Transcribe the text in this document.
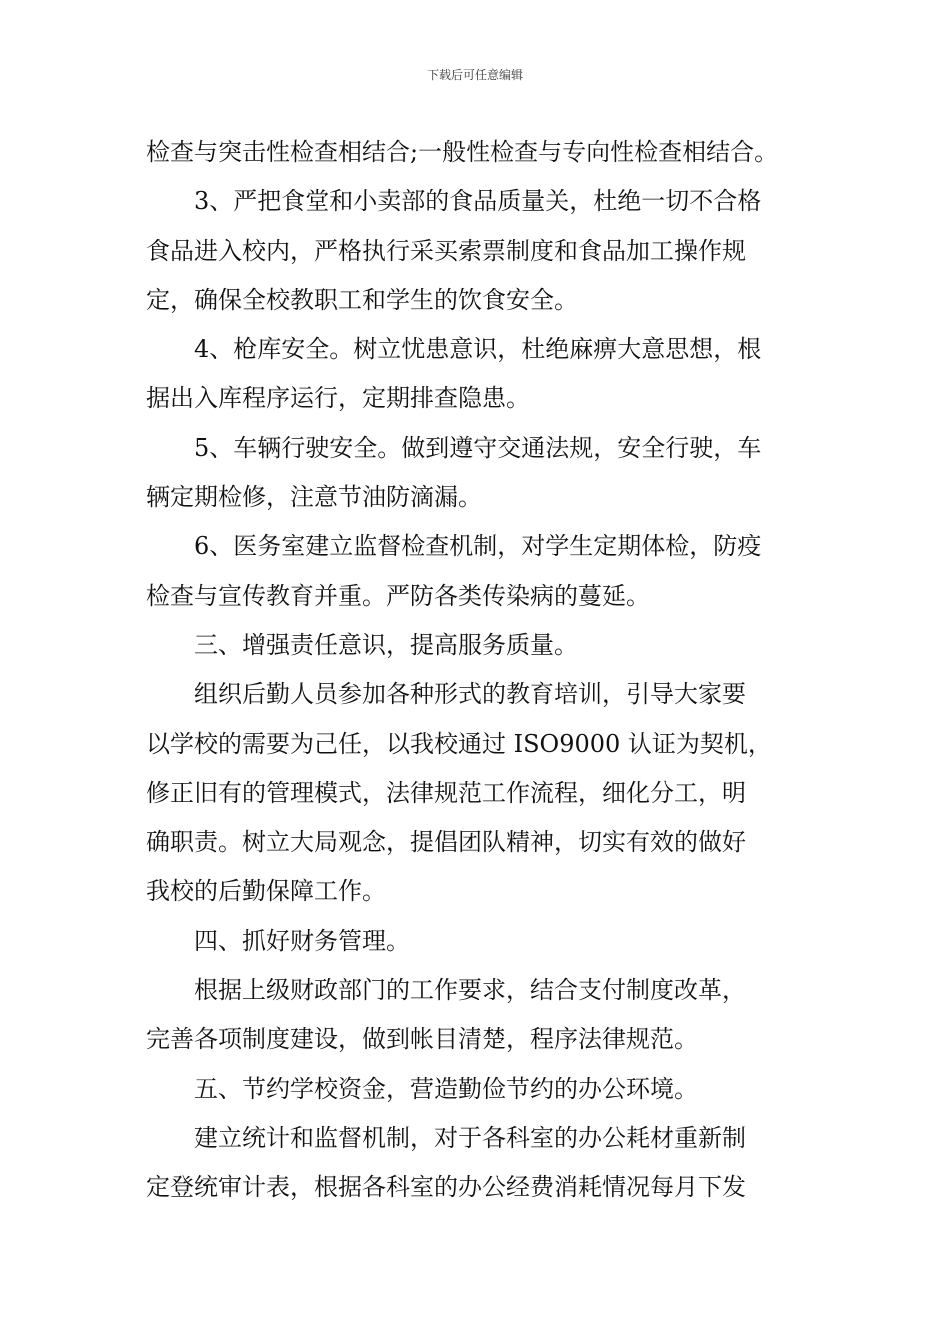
下载后可任意编辑
检查与突击性检查相结合;一般性检查与专向性检查相结合。
3、严把食堂和小卖部的食品质量关，杜绝一切不合格
食品进入校内，严格执行采买索票制度和食品加工操作规
定，确保全校教职工和学生的饮食安全。
4、枪库安全。树立忧患意识，杜绝麻痹大意思想，根
据出入库程序运行，定期排查隐患。
5、车辆行驶安全。做到遵守交通法规，安全行驶，车
辆定期检修，注意节油防滴漏。
6、医务室建立监督检查机制，对学生定期体检，防疫
检查与宣传教育并重。严防各类传染病的蔓延。
三、增强责任意识，提高服务质量。
组织后勤人员参加各种形式的教育培训，引导大家要
以学校的需要为己任，以我校通过 ISO9000 认证为契机，
修正旧有的管理模式，法律规范工作流程，细化分工，明
确职责。树立大局观念，提倡团队精神，切实有效的做好
我校的后勤保障工作。
四、抓好财务管理。
根据上级财政部门的工作要求，结合支付制度改革，
完善各项制度建设，做到帐目清楚，程序法律规范。
五、节约学校资金，营造勤俭节约的办公环境。
建立统计和监督机制，对于各科室的办公耗材重新制
定登统审计表，根据各科室的办公经费消耗情况每月下发
